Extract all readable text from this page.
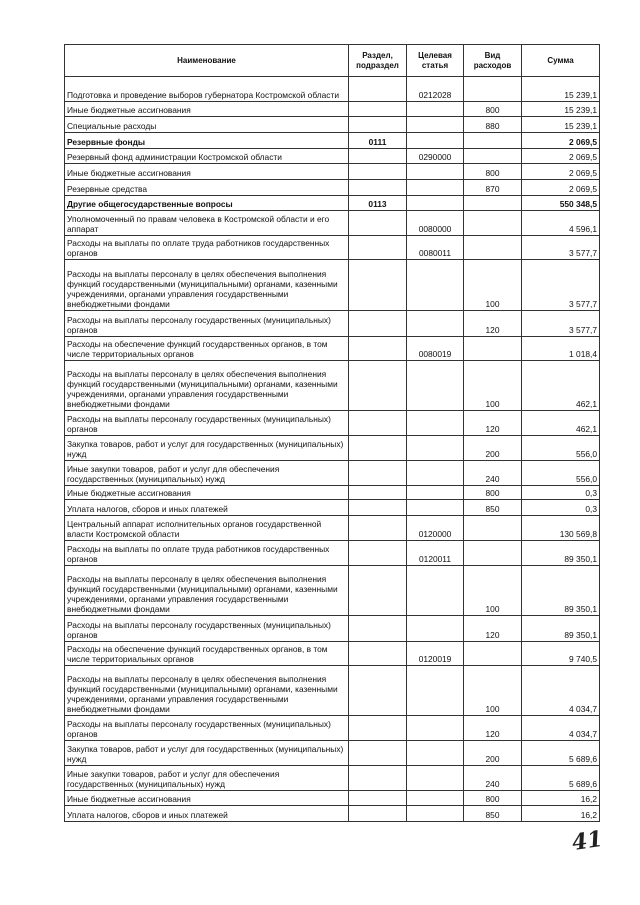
Наименование	Раздел, подраздел	Целевая статья	Вид расходов	Сумма
Подготовка и проведение выборов губернатора Костромской области		0212028		15 239,1
Иные бюджетные ассигнования			800	15 239,1
Специальные расходы			880	15 239,1
Резервные фонды	0111			2 069,5
Резервный фонд администрации Костромской области		0290000		2 069,5
Иные бюджетные ассигнования			800	2 069,5
Резервные средства			870	2 069,5
Другие общегосударственные вопросы	0113			550 348,5
Уполномоченный по правам человека в Костромской области и его аппарат		0080000		4 596,1
Расходы на выплаты по оплате труда работников государственных органов		0080011		3 577,7
Расходы на выплаты персоналу в целях обеспечения выполнения функций государственными (муниципальными) органами, казенными учреждениями, органами управления государственными внебюджетными фондами			100	3 577,7
Расходы на выплаты персоналу государственных (муниципальных) органов			120	3 577,7
Расходы на обеспечение функций государственных органов, в том числе территориальных органов		0080019		1 018,4
Расходы на выплаты персоналу в целях обеспечения выполнения функций государственными (муниципальными) органами, казенными учреждениями, органами управления государственными внебюджетными фондами			100	462,1
Расходы на выплаты персоналу государственных (муниципальных) органов			120	462,1
Закупка товаров, работ и услуг для государственных (муниципальных) нужд			200	556,0
Иные закупки товаров, работ и услуг для обеспечения государственных (муниципальных) нужд			240	556,0
Иные бюджетные ассигнования			800	0,3
Уплата налогов, сборов и иных платежей			850	0,3
Центральный аппарат исполнительных органов государственной власти Костромской области		0120000		130 569,8
Расходы на выплаты по оплате труда работников государственных органов		0120011		89 350,1
Расходы на выплаты персоналу в целях обеспечения выполнения функций государственными (муниципальными) органами, казенными учреждениями, органами управления государственными внебюджетными фондами			100	89 350,1
Расходы на выплаты персоналу государственных (муниципальных) органов			120	89 350,1
Расходы на обеспечение функций государственных органов, в том числе территориальных органов		0120019		9 740,5
Расходы на выплаты персоналу в целях обеспечения выполнения функций государственными (муниципальными) органами, казенными учреждениями, органами управления государственными внебюджетными фондами			100	4 034,7
Расходы на выплаты персоналу государственных (муниципальных) органов			120	4 034,7
Закупка товаров, работ и услуг для государственных (муниципальных) нужд			200	5 689,6
Иные закупки товаров, работ и услуг для обеспечения государственных (муниципальных) нужд			240	5 689,6
Иные бюджетные ассигнования			800	16,2
Уплата налогов, сборов и иных платежей			850	16,2
41
